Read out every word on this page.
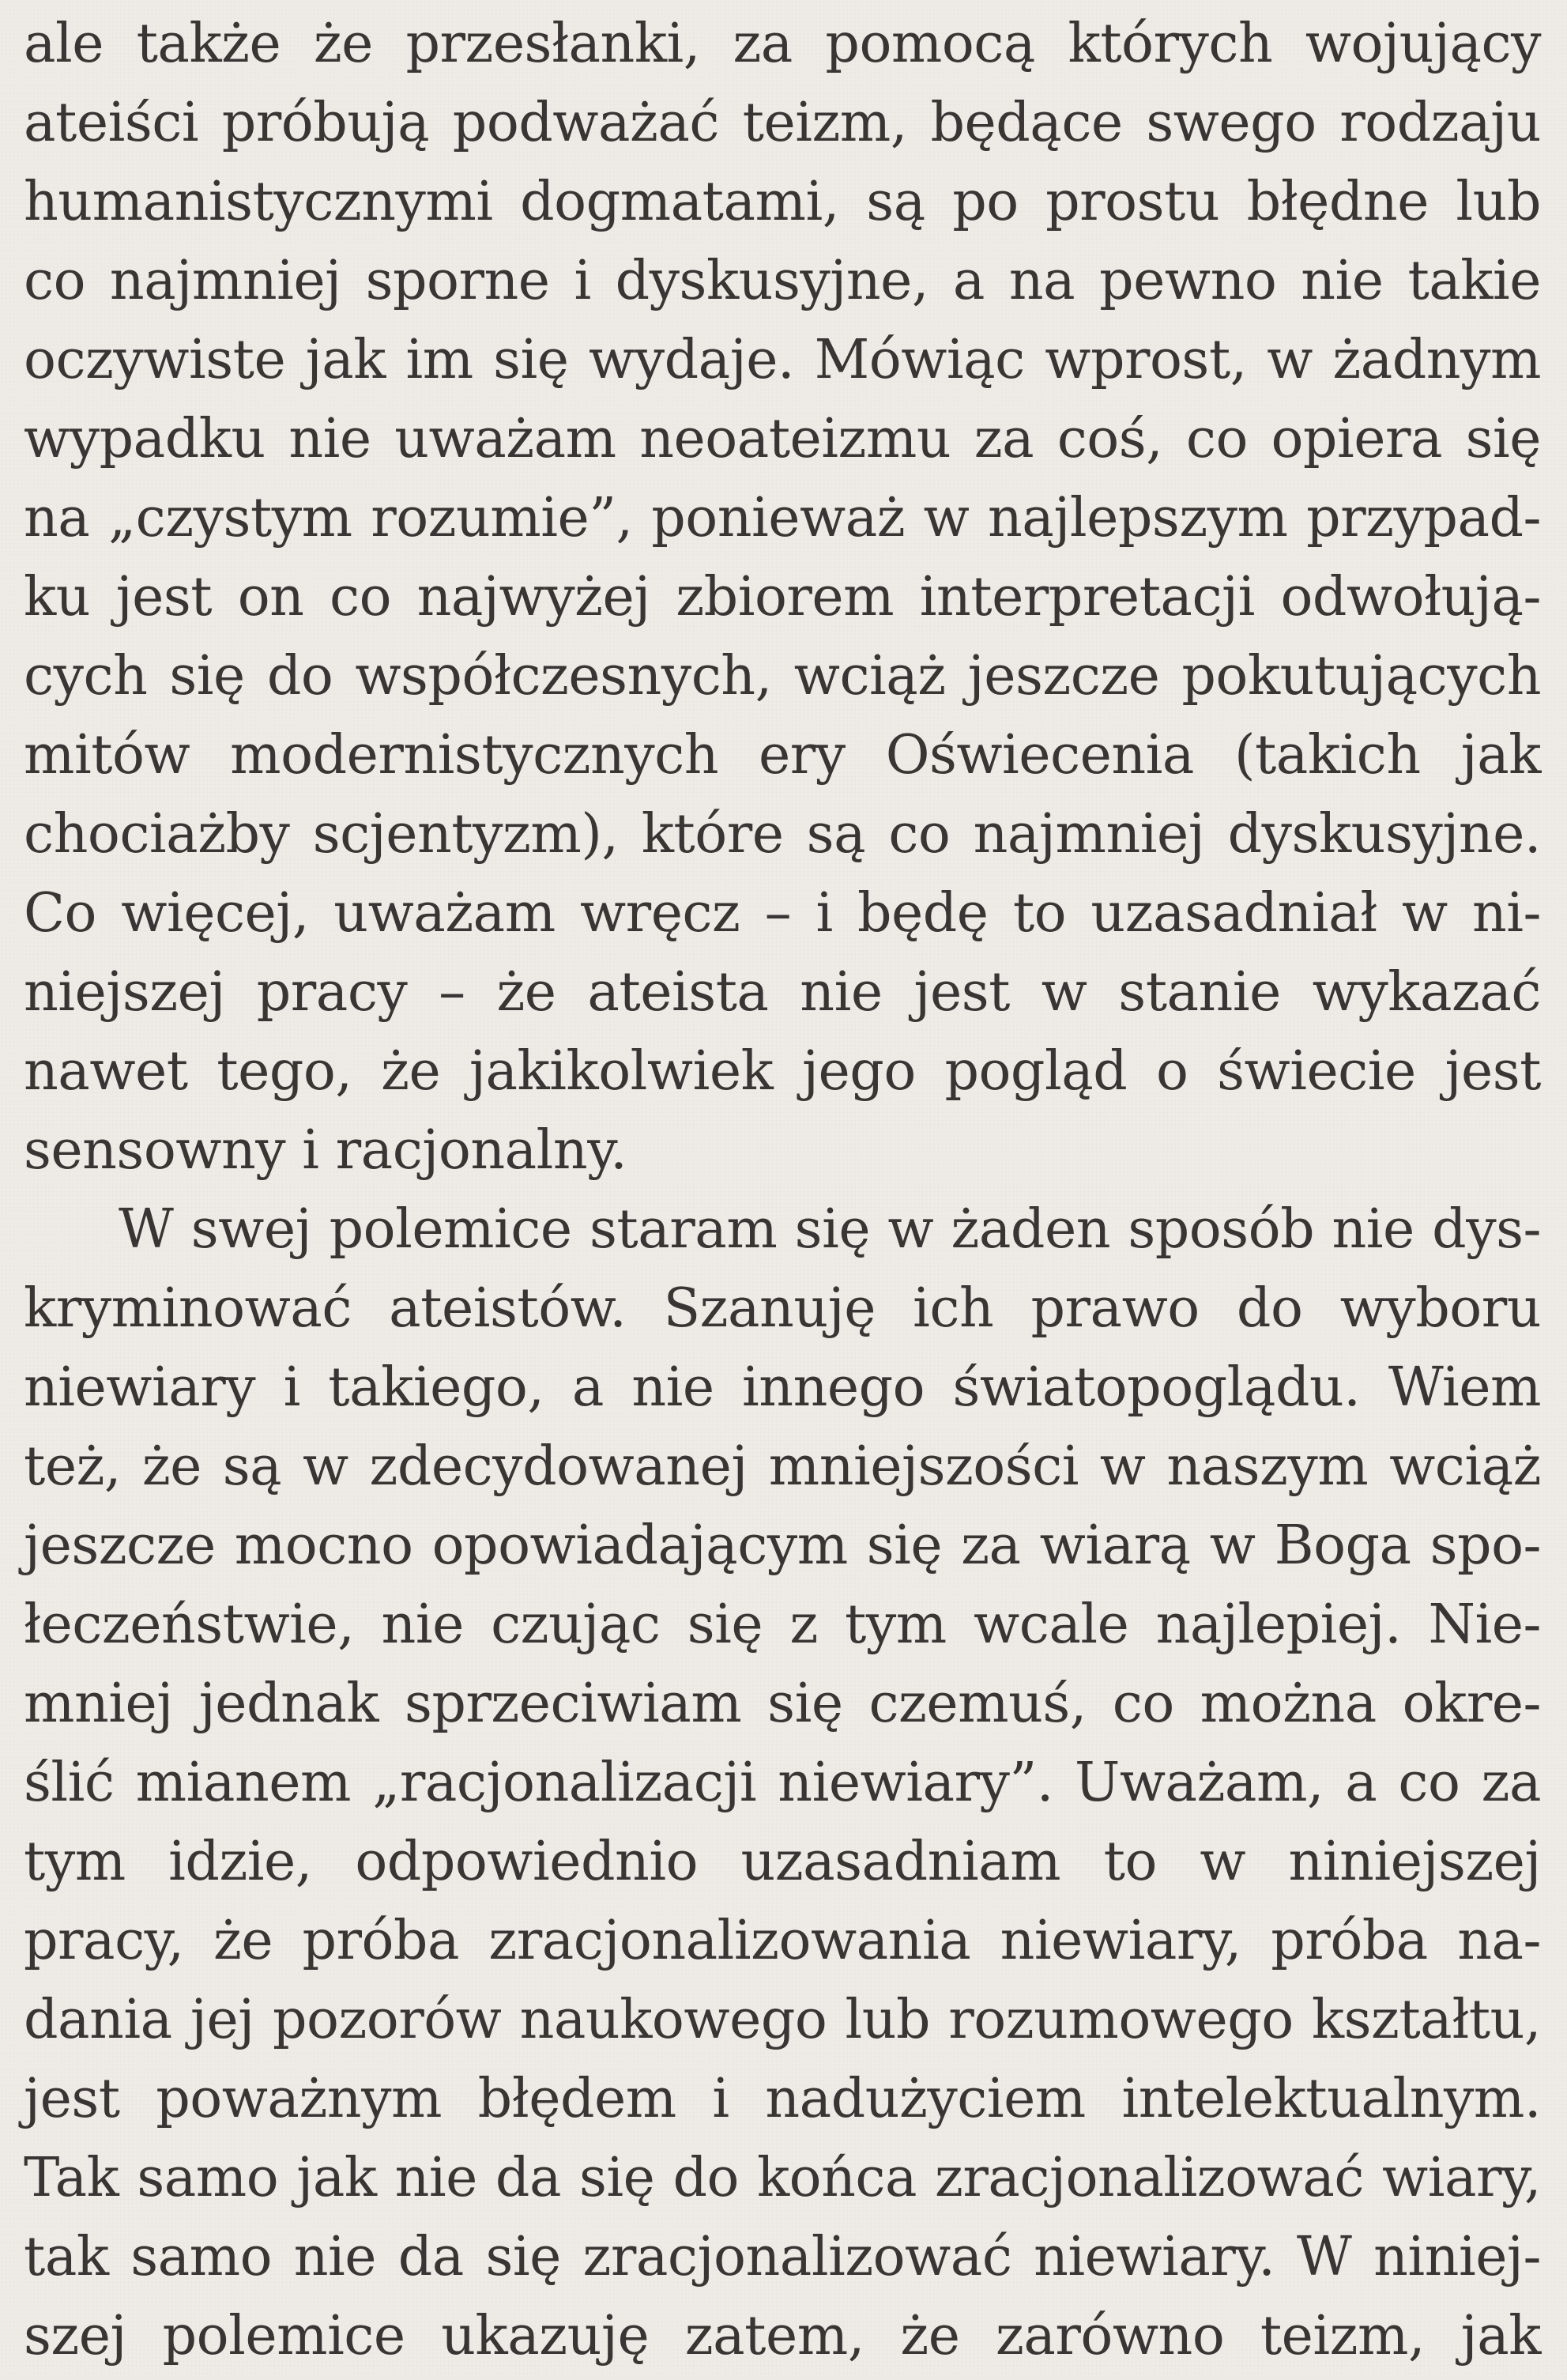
ale także że przesłanki, za pomocą których wojujący
ateiści próbują podważać teizm, będące swego rodzaju
humanistycznymi dogmatami, są po prostu błędne lub
co najmniej sporne i dyskusyjne, a na pewno nie takie
oczywiste jak im się wydaje. Mówiąc wprost, w żadnym
wypadku nie uważam neoateizmu za coś, co opiera się
na „czystym rozumie”, ponieważ w najlepszym przypad-
ku jest on co najwyżej zbiorem interpretacji odwołują-
cych się do współczesnych, wciąż jeszcze pokutujących
mitów modernistycznych ery Oświecenia (takich jak
chociażby scjentyzm), które są co najmniej dyskusyjne.
Co więcej, uważam wręcz – i będę to uzasadniał w ni-
niejszej pracy – że ateista nie jest w stanie wykazać
nawet tego, że jakikolwiek jego pogląd o świecie jest
sensowny i racjonalny.
W swej polemice staram się w żaden sposób nie dys-
kryminować ateistów. Szanuję ich prawo do wyboru
niewiary i takiego, a nie innego światopoglądu. Wiem
też, że są w zdecydowanej mniejszości w naszym wciąż
jeszcze mocno opowiadającym się za wiarą w Boga spo-
łeczeństwie, nie czując się z tym wcale najlepiej. Nie-
mniej jednak sprzeciwiam się czemuś, co można okre-
ślić mianem „racjonalizacji niewiary”. Uważam, a co za
tym idzie, odpowiednio uzasadniam to w niniejszej
pracy, że próba zracjonalizowania niewiary, próba na-
dania jej pozorów naukowego lub rozumowego kształtu,
jest poważnym błędem i nadużyciem intelektualnym.
Tak samo jak nie da się do końca zracjonalizować wiary,
tak samo nie da się zracjonalizować niewiary. W niniej-
szej polemice ukazuję zatem, że zarówno teizm, jak
